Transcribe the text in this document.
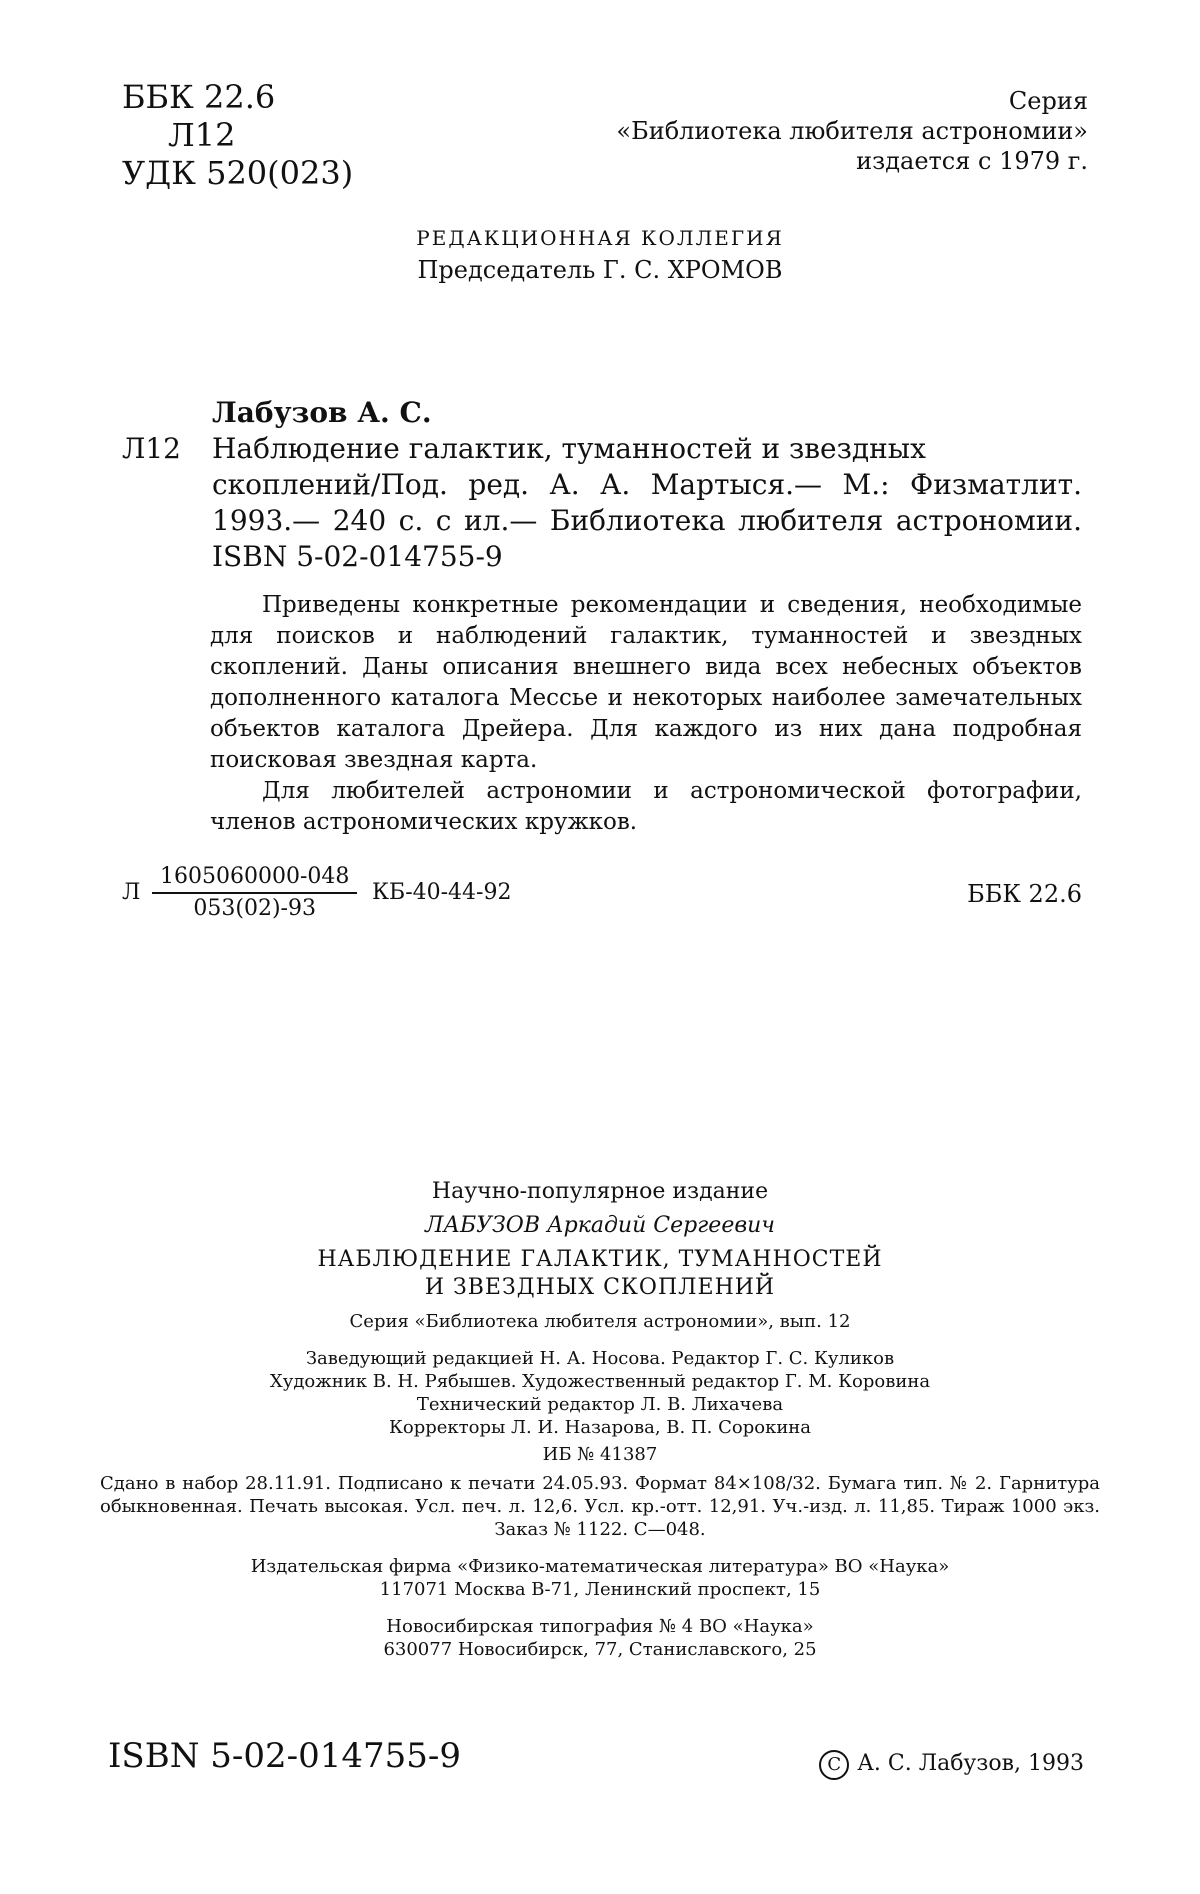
ББК 22.6
Л12
УДК 520(023)
Серия
«Библиотека любителя астрономии»
издается с 1979 г.
РЕДАКЦИОННАЯ КОЛЛЕГИЯ
Председатель Г. С. ХРОМОВ
Лабузов А. С.
Л12	Наблюдение галактик, туманностей и звездных
скоплений/Под. ред. А. А. Мартыся.— М.: Физматлит. 1993.— 240 с. с ил.— Библиотека любителя астрономии. ISBN 5-02-014755-9

Приведены конкретные рекомендации и сведения, необходимые для поисков и наблюдений галактик, туманностей и звездных скоплений. Даны описания внешнего вида всех небесных объектов дополненного каталога Мессье и некоторых наиболее замечательных объектов каталога Дрейера. Для каждого из них дана подробная поисковая звездная карта.

Для любителей астрономии и астрономической фотографии, членов астрономических кружков.

Л $\frac{1605060000-048}{053(02)-93} КБ-40-44-92$	ББК 22.6
Научно-популярное издание
ЛАБУЗОВ Аркадий Сергеевич
НАБЛЮДЕНИЕ ГАЛАКТИК, ТУМАННОСТЕЙ
И ЗВЕЗДНЫХ СКОПЛЕНИЙ
Серия «Библиотека любителя астрономии», вып. 12
Заведующий редакцией Н. А. Носова. Редактор Г. С. Куликов
Художник В. Н. Рябышев. Художественный редактор Г. М. Коровина
Технический редактор Л. В. Лихачева
Корректоры Л. И. Назарова, В. П. Сорокина
ИБ № 41387
Сдано в набор 28.11.91. Подписано к печати 24.05.93. Формат 84×108/32. Бумага тип. № 2. Гарнитура обыкновенная. Печать высокая. Усл. печ. л. 12,6. Усл. кр.-отт. 12,91. Уч.-изд. л. 11,85. Тираж 1000 экз. Заказ № 1122. С—048.
Издательская фирма «Физико-математическая литература» ВО «Наука»
117071 Москва В-71, Ленинский проспект, 15
Новосибирская типография № 4 ВО «Наука»
630077 Новосибирск, 77, Станиславского, 25
ISBN 5-02-014755-9	C А. С. Лабузов, 1993
